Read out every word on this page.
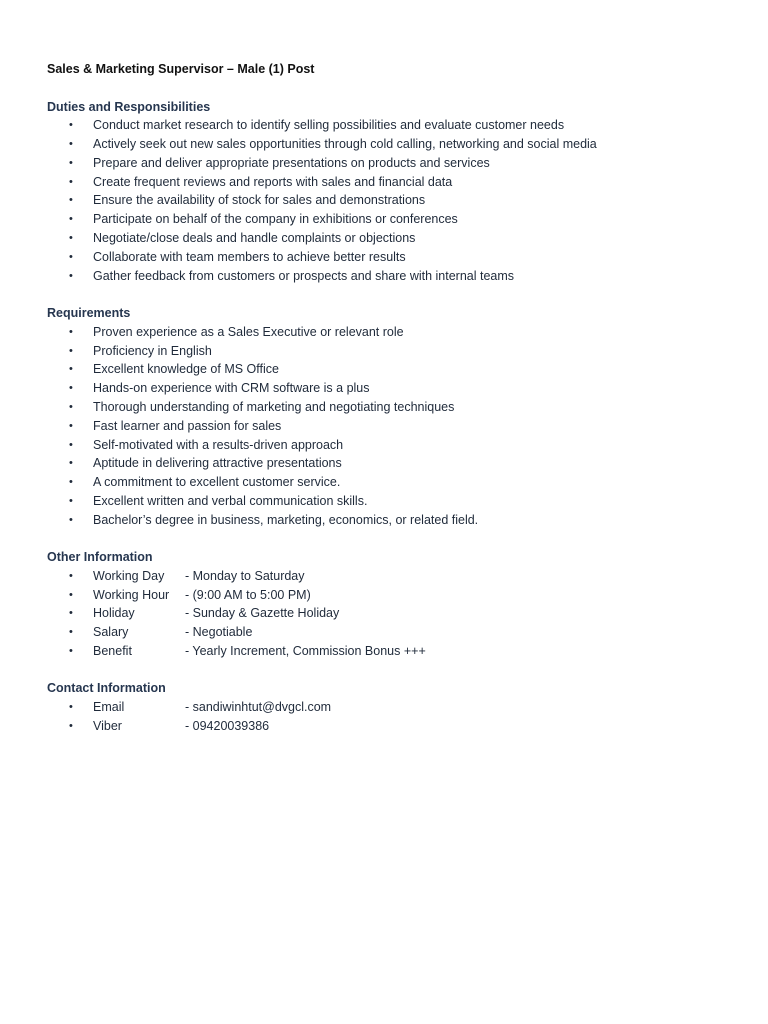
Sales & Marketing Supervisor – Male (1) Post

Duties and Responsibilities

• Conduct market research to identify selling possibilities and evaluate customer needs
• Actively seek out new sales opportunities through cold calling, networking and social media
• Prepare and deliver appropriate presentations on products and services
• Create frequent reviews and reports with sales and financial data
• Ensure the availability of stock for sales and demonstrations
• Participate on behalf of the company in exhibitions or conferences
• Negotiate/close deals and handle complaints or objections
• Collaborate with team members to achieve better results
• Gather feedback from customers or prospects and share with internal teams

Requirements

• Proven experience as a Sales Executive or relevant role
• Proficiency in English
• Excellent knowledge of MS Office
• Hands-on experience with CRM software is a plus
• Thorough understanding of marketing and negotiating techniques
• Fast learner and passion for sales
• Self-motivated with a results-driven approach
• Aptitude in delivering attractive presentations
• A commitment to excellent customer service.
• Excellent written and verbal communication skills.
• Bachelor’s degree in business, marketing, economics, or related field.

Other Information

• Working Day - Monday to Saturday
• Working Hour - (9:00 AM to 5:00 PM)
• Holiday	- Sunday & Gazette Holiday
• Salary	- Negotiable
• Benefit	- Yearly Increment, Commission Bonus +++

Contact Information

• Email	- sandiwinhtut@dvgcl.com
• Viber	- 09420039386
